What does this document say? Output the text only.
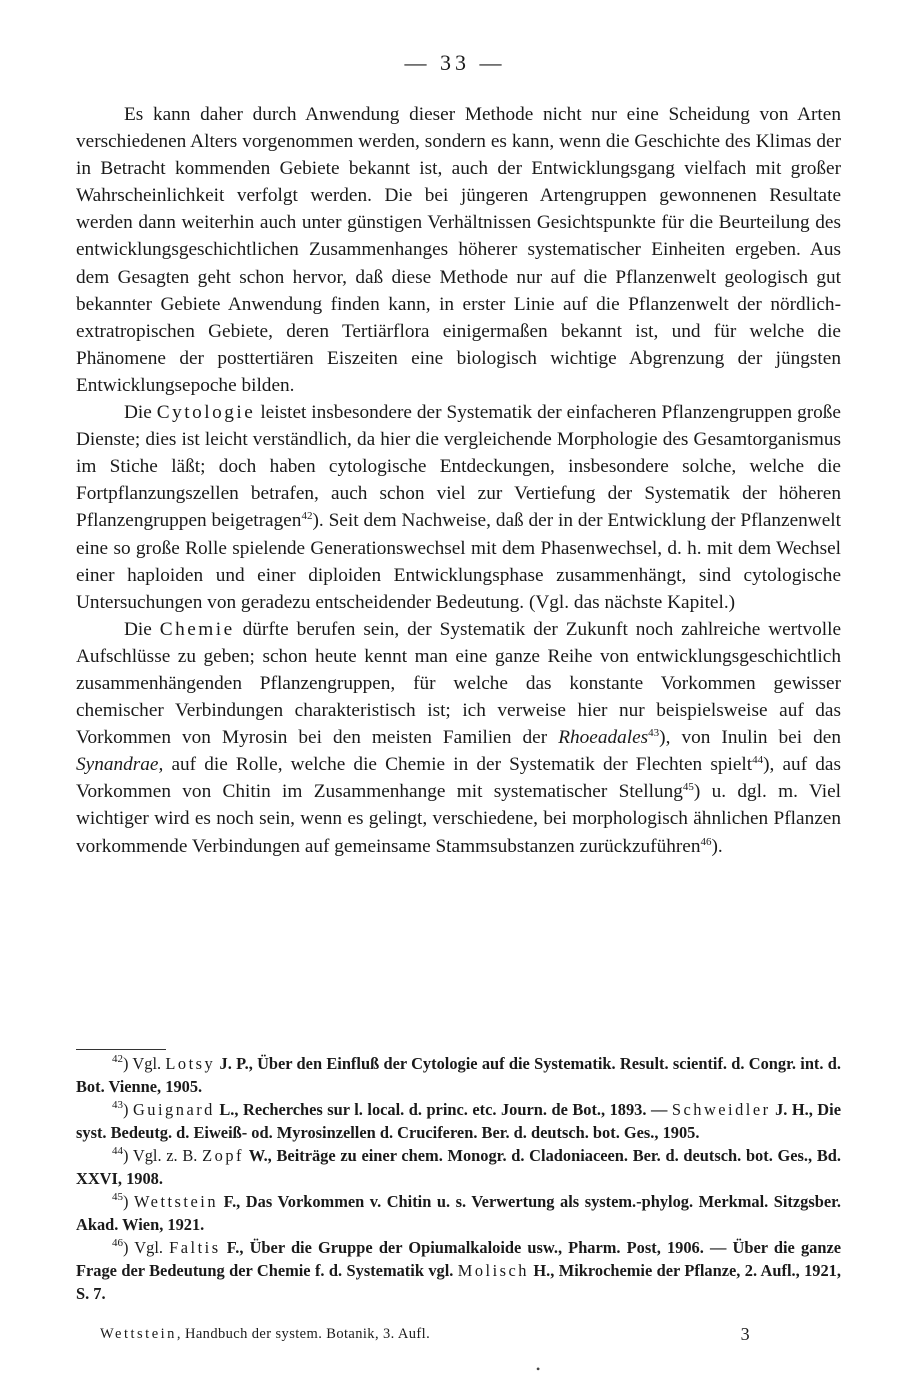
— 33 —

Es kann daher durch Anwendung dieser Methode nicht nur eine Scheidung von Arten verschiedenen Alters vorgenommen werden, sondern es kann, wenn die Geschichte des Klimas der in Betracht kommenden Gebiete bekannt ist, auch der Entwicklungsgang vielfach mit großer Wahrscheinlichkeit verfolgt werden. Die bei jüngeren Artengruppen gewonnenen Resultate werden dann weiterhin auch unter günstigen Verhältnissen Gesichtspunkte für die Beurteilung des entwicklungsgeschichtlichen Zusammenhanges höherer systematischer Einheiten ergeben. Aus dem Gesagten geht schon hervor, daß diese Methode nur auf die Pflanzenwelt geologisch gut bekannter Gebiete Anwendung finden kann, in erster Linie auf die Pflanzenwelt der nördlich-extratropischen Gebiete, deren Tertiärflora einigermaßen bekannt ist, und für welche die Phänomene der posttertiären Eiszeiten eine biologisch wichtige Abgrenzung der jüngsten Entwicklungsepoche bilden.

Die Cytologie leistet insbesondere der Systematik der einfacheren Pflanzengruppen große Dienste; dies ist leicht verständlich, da hier die vergleichende Morphologie des Gesamtorganismus im Stiche läßt; doch haben cytologische Entdeckungen, insbesondere solche, welche die Fortpflanzungszellen betrafen, auch schon viel zur Vertiefung der Systematik der höheren Pflanzengruppen beigetragen$^{42}$). Seit dem Nachweise, daß der in der Entwicklung der Pflanzenwelt eine so große Rolle spielende Generationswechsel mit dem Phasenwechsel, d. h. mit dem Wechsel einer haploiden und einer diploiden Entwicklungsphase zusammenhängt, sind cytologische Untersuchungen von geradezu entscheidender Bedeutung. (Vgl. das nächste Kapitel.)

Die Chemie dürfte berufen sein, der Systematik der Zukunft noch zahlreiche wertvolle Aufschlüsse zu geben; schon heute kennt man eine ganze Reihe von entwicklungsgeschichtlich zusammenhängenden Pflanzengruppen, für welche das konstante Vorkommen gewisser chemischer Verbindungen charakteristisch ist; ich verweise hier nur beispielsweise auf das Vorkommen von Myrosin bei den meisten Familien der Rhoeadales$^{43}$), von Inulin bei den Synandrae, auf die Rolle, welche die Chemie in der Systematik der Flechten spielt$^{44}$), auf das Vorkommen von Chitin im Zusammenhange mit systematischer Stellung$^{45}$) u. dgl. m. Viel wichtiger wird es noch sein, wenn es gelingt, verschiedene, bei morphologisch ähnlichen Pflanzen vorkommende Verbindungen auf gemeinsame Stammsubstanzen zurückzuführen$^{46}$).

$^{42}$) Vgl. Lotsy J. P., Über den Einfluß der Cytologie auf die Systematik. Result. scientif. d. Congr. int. d. Bot. Vienne, 1905.

$^{43}$) Guignard L., Recherches sur l. local. d. princ. etc. Journ. de Bot., 1893. — Schweidler J. H., Die syst. Bedeutg. d. Eiweiß- od. Myrosinzellen d. Cruciferen. Ber. d. deutsch. bot. Ges., 1905.

$^{44}$) Vgl. z. B. Zopf W., Beiträge zu einer chem. Monogr. d. Cladoniaceen. Ber. d. deutsch. bot. Ges., Bd. XXVI, 1908.

$^{45}$) Wettstein F., Das Vorkommen v. Chitin u. s. Verwertung als system.-phylog. Merkmal. Sitzgsber. Akad. Wien, 1921.

$^{46}$) Vgl. Faltis F., Über die Gruppe der Opiumalkaloide usw., Pharm. Post, 1906. — Über die ganze Frage der Bedeutung der Chemie f. d. Systematik vgl. Molisch H., Mikrochemie der Pflanze, 2. Aufl., 1921, S. 7.

Wettstein, Handbuch der system. Botanik, 3. Aufl.	3
•
